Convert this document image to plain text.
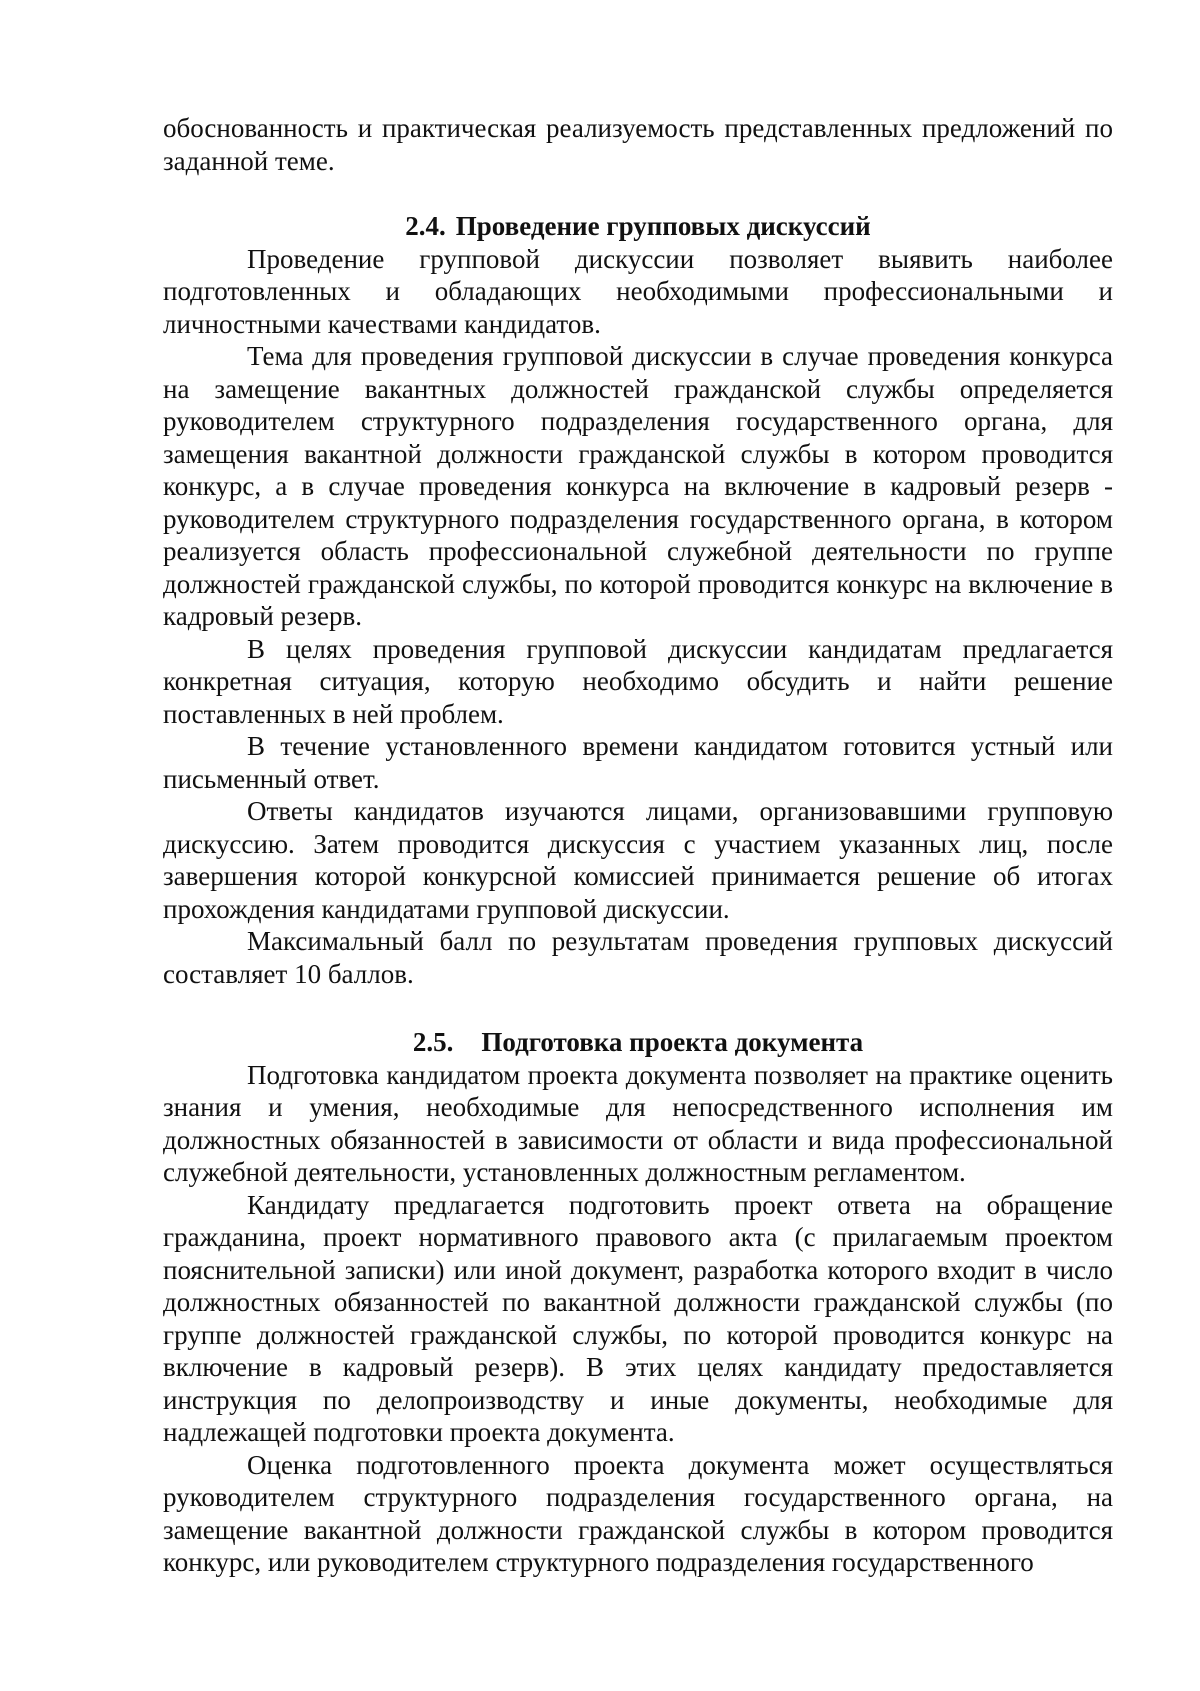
обоснованность и практическая реализуемость представленных предложений по заданной теме.

2.4. Проведение групповых дискуссий

Проведение групповой дискуссии позволяет выявить наиболее подготовленных и обладающих необходимыми профессиональными и личностными качествами кандидатов.

Тема для проведения групповой дискуссии в случае проведения конкурса на замещение вакантных должностей гражданской службы определяется руководителем структурного подразделения государственного органа, для замещения вакантной должности гражданской службы в котором проводится конкурс, а в случае проведения конкурса на включение в кадровый резерв - руководителем структурного подразделения государственного органа, в котором реализуется область профессиональной служебной деятельности по группе должностей гражданской службы, по которой проводится конкурс на включение в кадровый резерв.

В целях проведения групповой дискуссии кандидатам предлагается конкретная ситуация, которую необходимо обсудить и найти решение поставленных в ней проблем.

В течение установленного времени кандидатом готовится устный или письменный ответ.

Ответы кандидатов изучаются лицами, организовавшими групповую дискуссию. Затем проводится дискуссия с участием указанных лиц, после завершения которой конкурсной комиссией принимается решение об итогах прохождения кандидатами групповой дискуссии.

Максимальный балл по результатам проведения групповых дискуссий составляет 10 баллов.

2.5. Подготовка проекта документа

Подготовка кандидатом проекта документа позволяет на практике оценить знания и умения, необходимые для непосредственного исполнения им должностных обязанностей в зависимости от области и вида профессиональной служебной деятельности, установленных должностным регламентом.

Кандидату предлагается подготовить проект ответа на обращение гражданина, проект нормативного правового акта (с прилагаемым проектом пояснительной записки) или иной документ, разработка которого входит в число должностных обязанностей по вакантной должности гражданской службы (по группе должностей гражданской службы, по которой проводится конкурс на включение в кадровый резерв). В этих целях кандидату предоставляется инструкция по делопроизводству и иные документы, необходимые для надлежащей подготовки проекта документа.

Оценка подготовленного проекта документа может осуществляться руководителем структурного подразделения государственного органа, на замещение вакантной должности гражданской службы в котором проводится конкурс, или руководителем структурного подразделения государственного
